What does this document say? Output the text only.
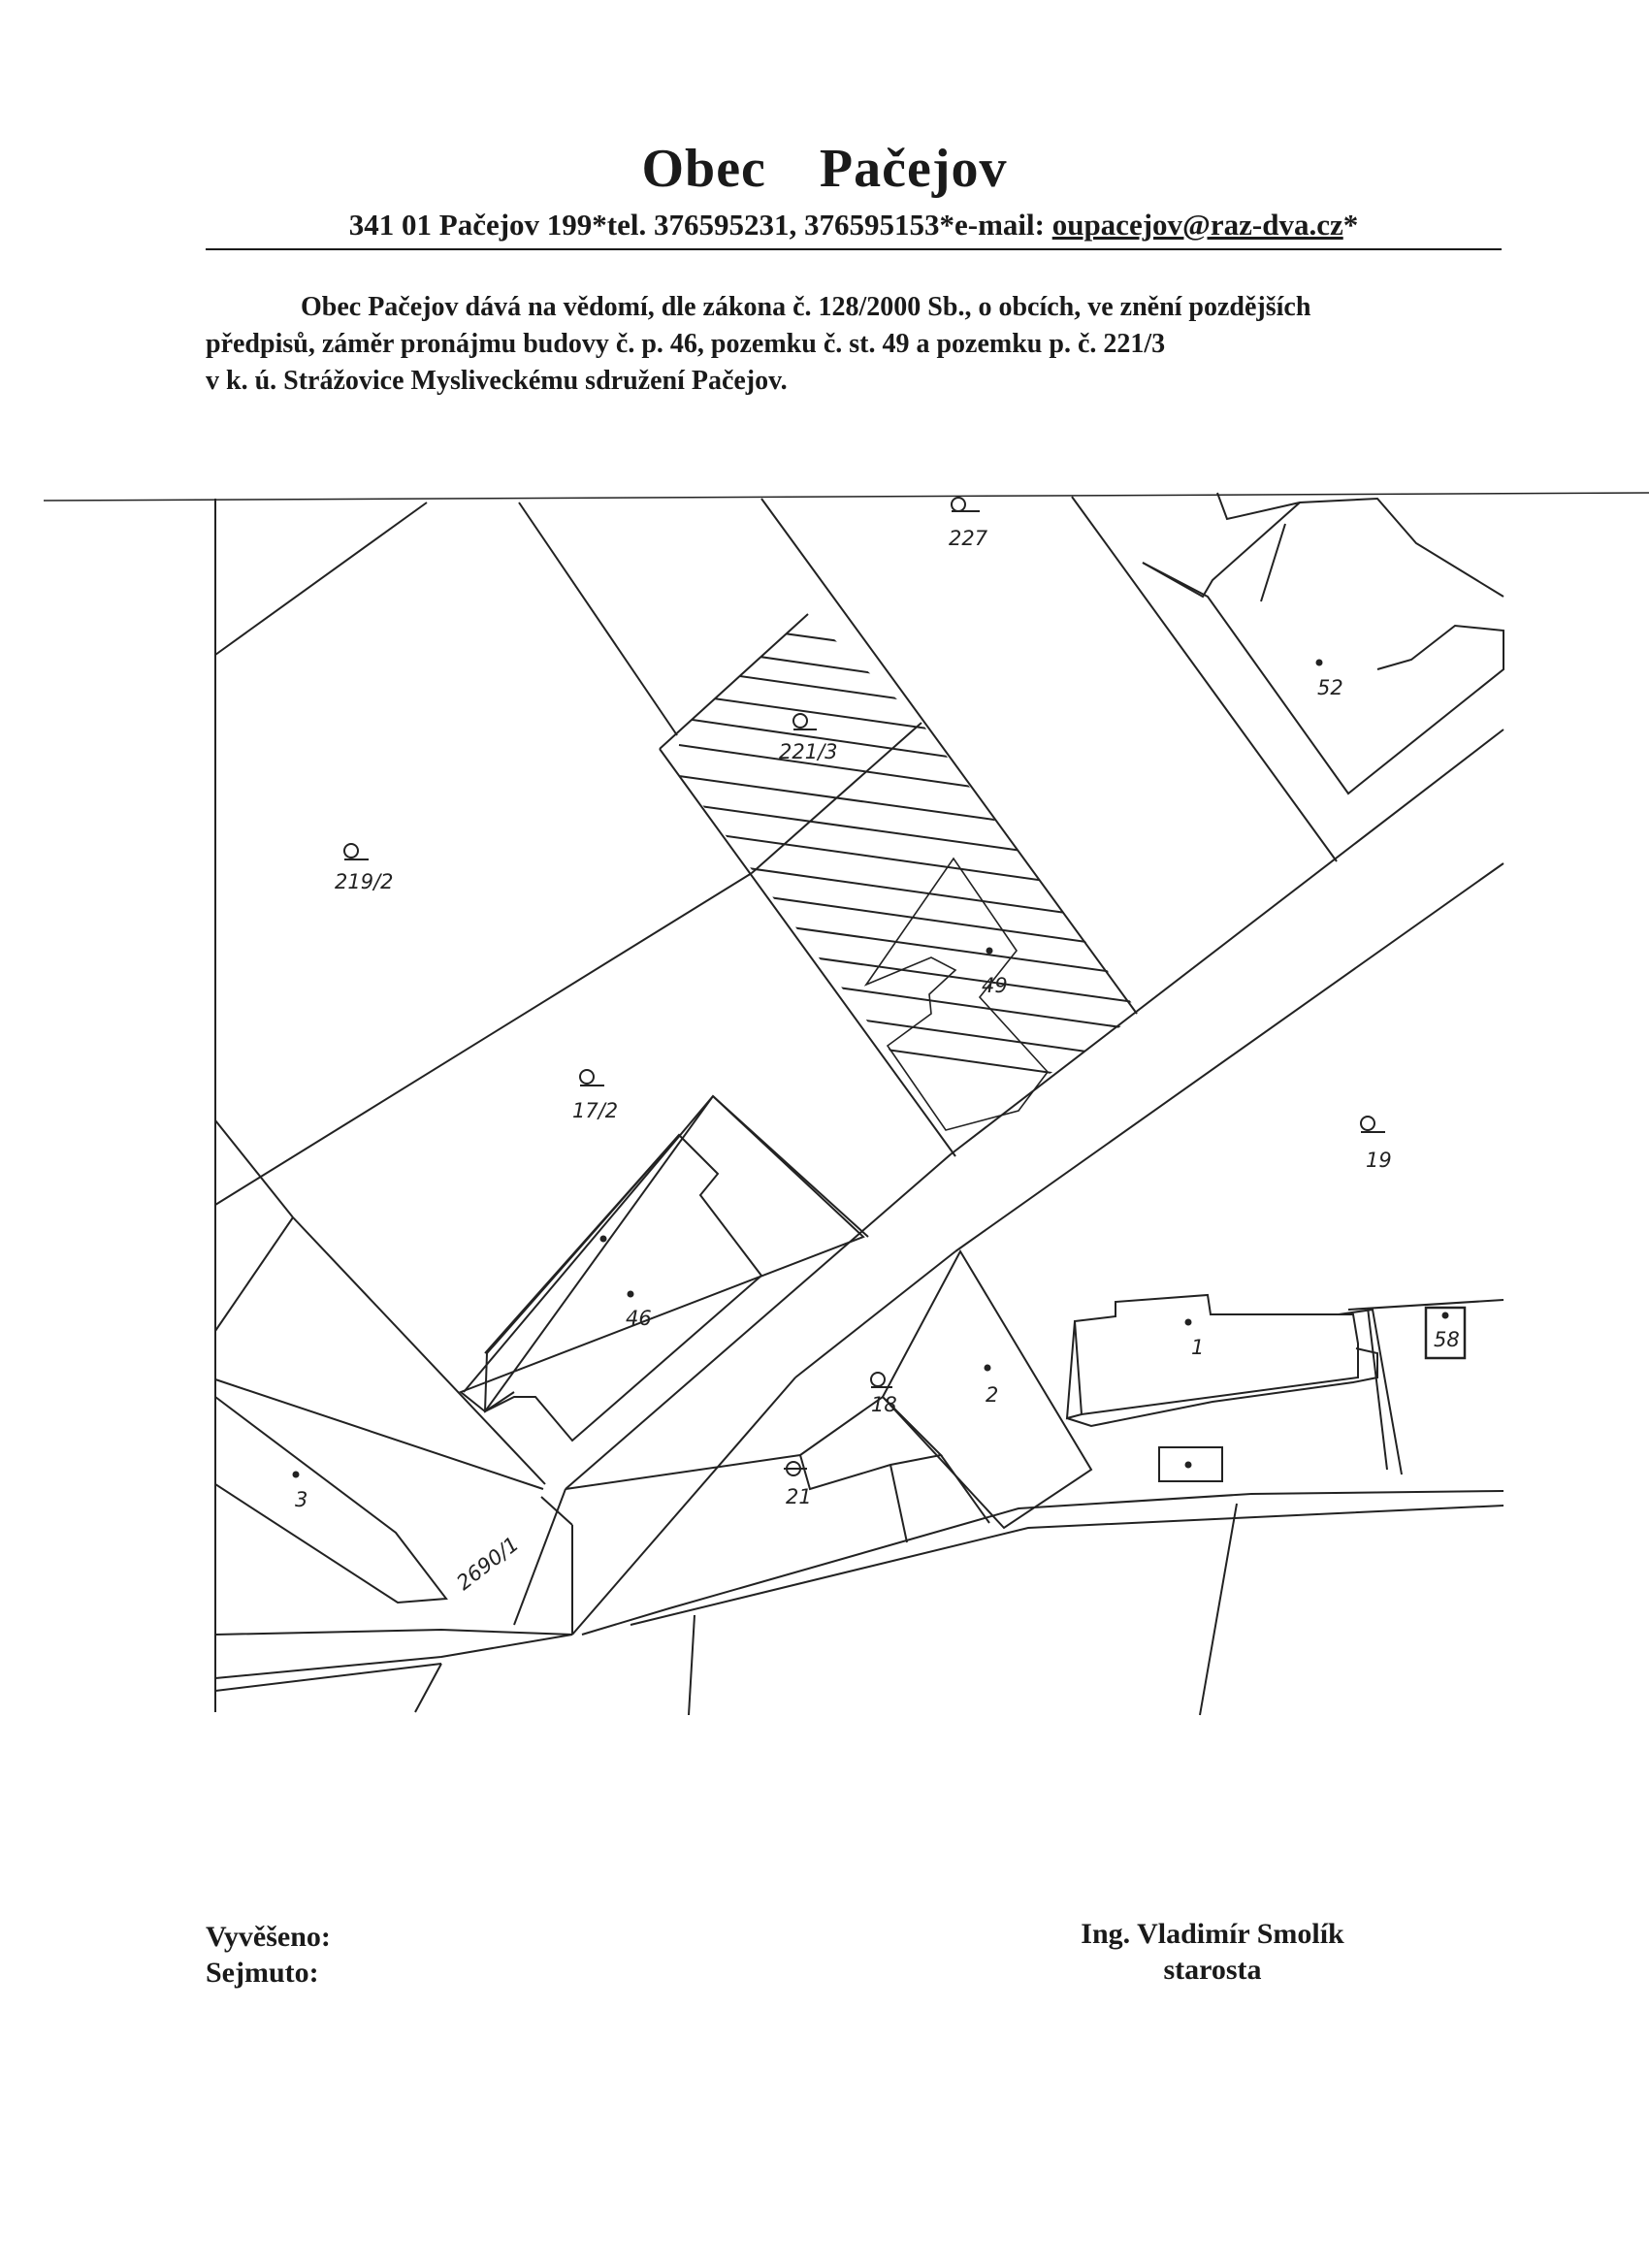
Obec Pačejov
341 01 Pačejov 199*tel. 376595231, 376595153*e-mail: oupacejov@raz-dva.cz*
Obec Pačejov dává na vědomí, dle zákona č. 128/2000 Sb., o obcích, ve znění pozdějších
předpisů, záměr pronájmu budovy č. p. 46, pozemku č. st. 49 a pozemku p. č. 221/3
v k. ú. Strážovice Mysliveckému sdružení Pačejov.
227
52
221/3
219/2
49
17/2
19
46
58
1
18	2
3	21
2690/1
Vyvěšeno:
Sejmuto:
Ing. Vladimír Smolík
starosta
